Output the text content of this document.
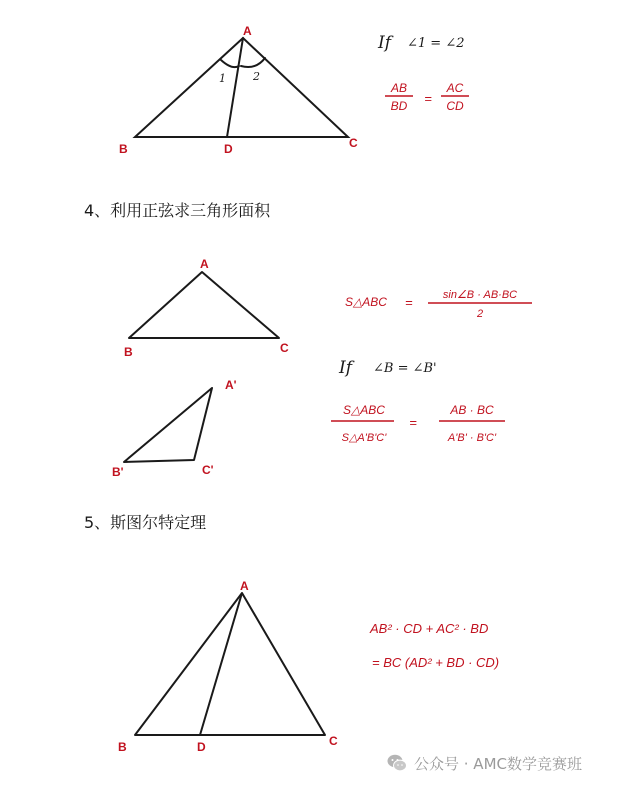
A
B	D	C
1 2
If ∠1 = ∠2
AB
BD =
AC
CD
A
B	C
A'
B'	C'
S△ABC =	sin∠B · AB·BC
2
If ∠B = ∠B'
S△ABC
S△A'B'C'
=
AB · BC
A'B' · B'C'
A
B	D	C
AB² · CD + AC² · BD
= BC (AD² + BD · CD)
4、利用正弦求三角形面积
5、斯图尔特定理
公众号 · AMC数学竞赛班
